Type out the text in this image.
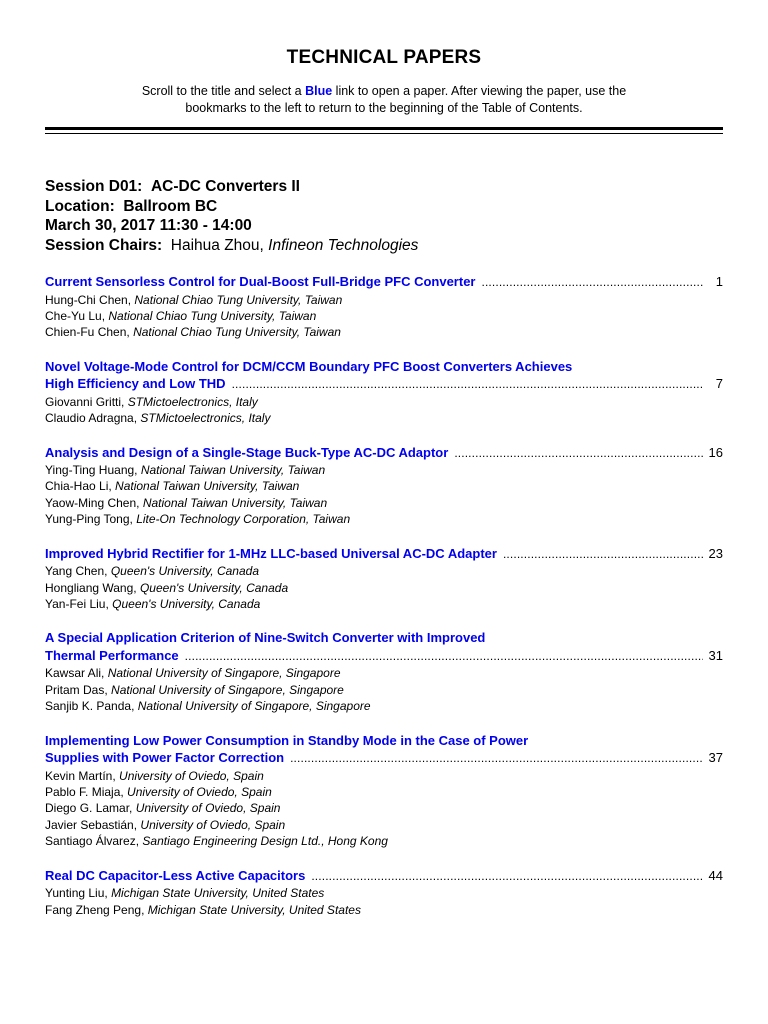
TECHNICAL PAPERS
Scroll to the title and select a Blue link to open a paper. After viewing the paper, use the
bookmarks to the left to return to the beginning of the Table of Contents.
Session D01: AC-DC Converters II
Location: Ballroom BC
March 30, 2017 11:30 - 14:00
Session Chairs: Haihua Zhou, Infineon Technologies
Current Sensorless Control for Dual-Boost Full-Bridge PFC Converter . . .	1
Hung-Chi Chen, National Chiao Tung University, Taiwan
Che-Yu Lu, National Chiao Tung University, Taiwan
Chien-Fu Chen, National Chiao Tung University, Taiwan
Novel Voltage-Mode Control for DCM/CCM Boundary PFC Boost Converters Achieves
High Efficiency and Low THD . . .	7
Giovanni Gritti, STMictoelectronics, Italy
Claudio Adragna, STMictoelectronics, Italy
Analysis and Design of a Single-Stage Buck-Type AC-DC Adaptor . . .	16
Ying-Ting Huang, National Taiwan University, Taiwan
Chia-Hao Li, National Taiwan University, Taiwan
Yaow-Ming Chen, National Taiwan University, Taiwan
Yung-Ping Tong, Lite-On Technology Corporation, Taiwan
Improved Hybrid Rectifier for 1-MHz LLC-based Universal AC-DC Adapter . . .	23
Yang Chen, Queen's University, Canada
Hongliang Wang, Queen's University, Canada
Yan-Fei Liu, Queen's University, Canada
A Special Application Criterion of Nine-Switch Converter with Improved
Thermal Performance . . .	31
Kawsar Ali, National University of Singapore, Singapore
Pritam Das, National University of Singapore, Singapore
Sanjib K. Panda, National University of Singapore, Singapore
Implementing Low Power Consumption in Standby Mode in the Case of Power
Supplies with Power Factor Correction . . .	37
Kevin Martín, University of Oviedo, Spain
Pablo F. Miaja, University of Oviedo, Spain
Diego G. Lamar, University of Oviedo, Spain
Javier Sebastián, University of Oviedo, Spain
Santiago Álvarez, Santiago Engineering Design Ltd., Hong Kong
Real DC Capacitor-Less Active Capacitors . . .	44
Yunting Liu, Michigan State University, United States
Fang Zheng Peng, Michigan State University, United States
